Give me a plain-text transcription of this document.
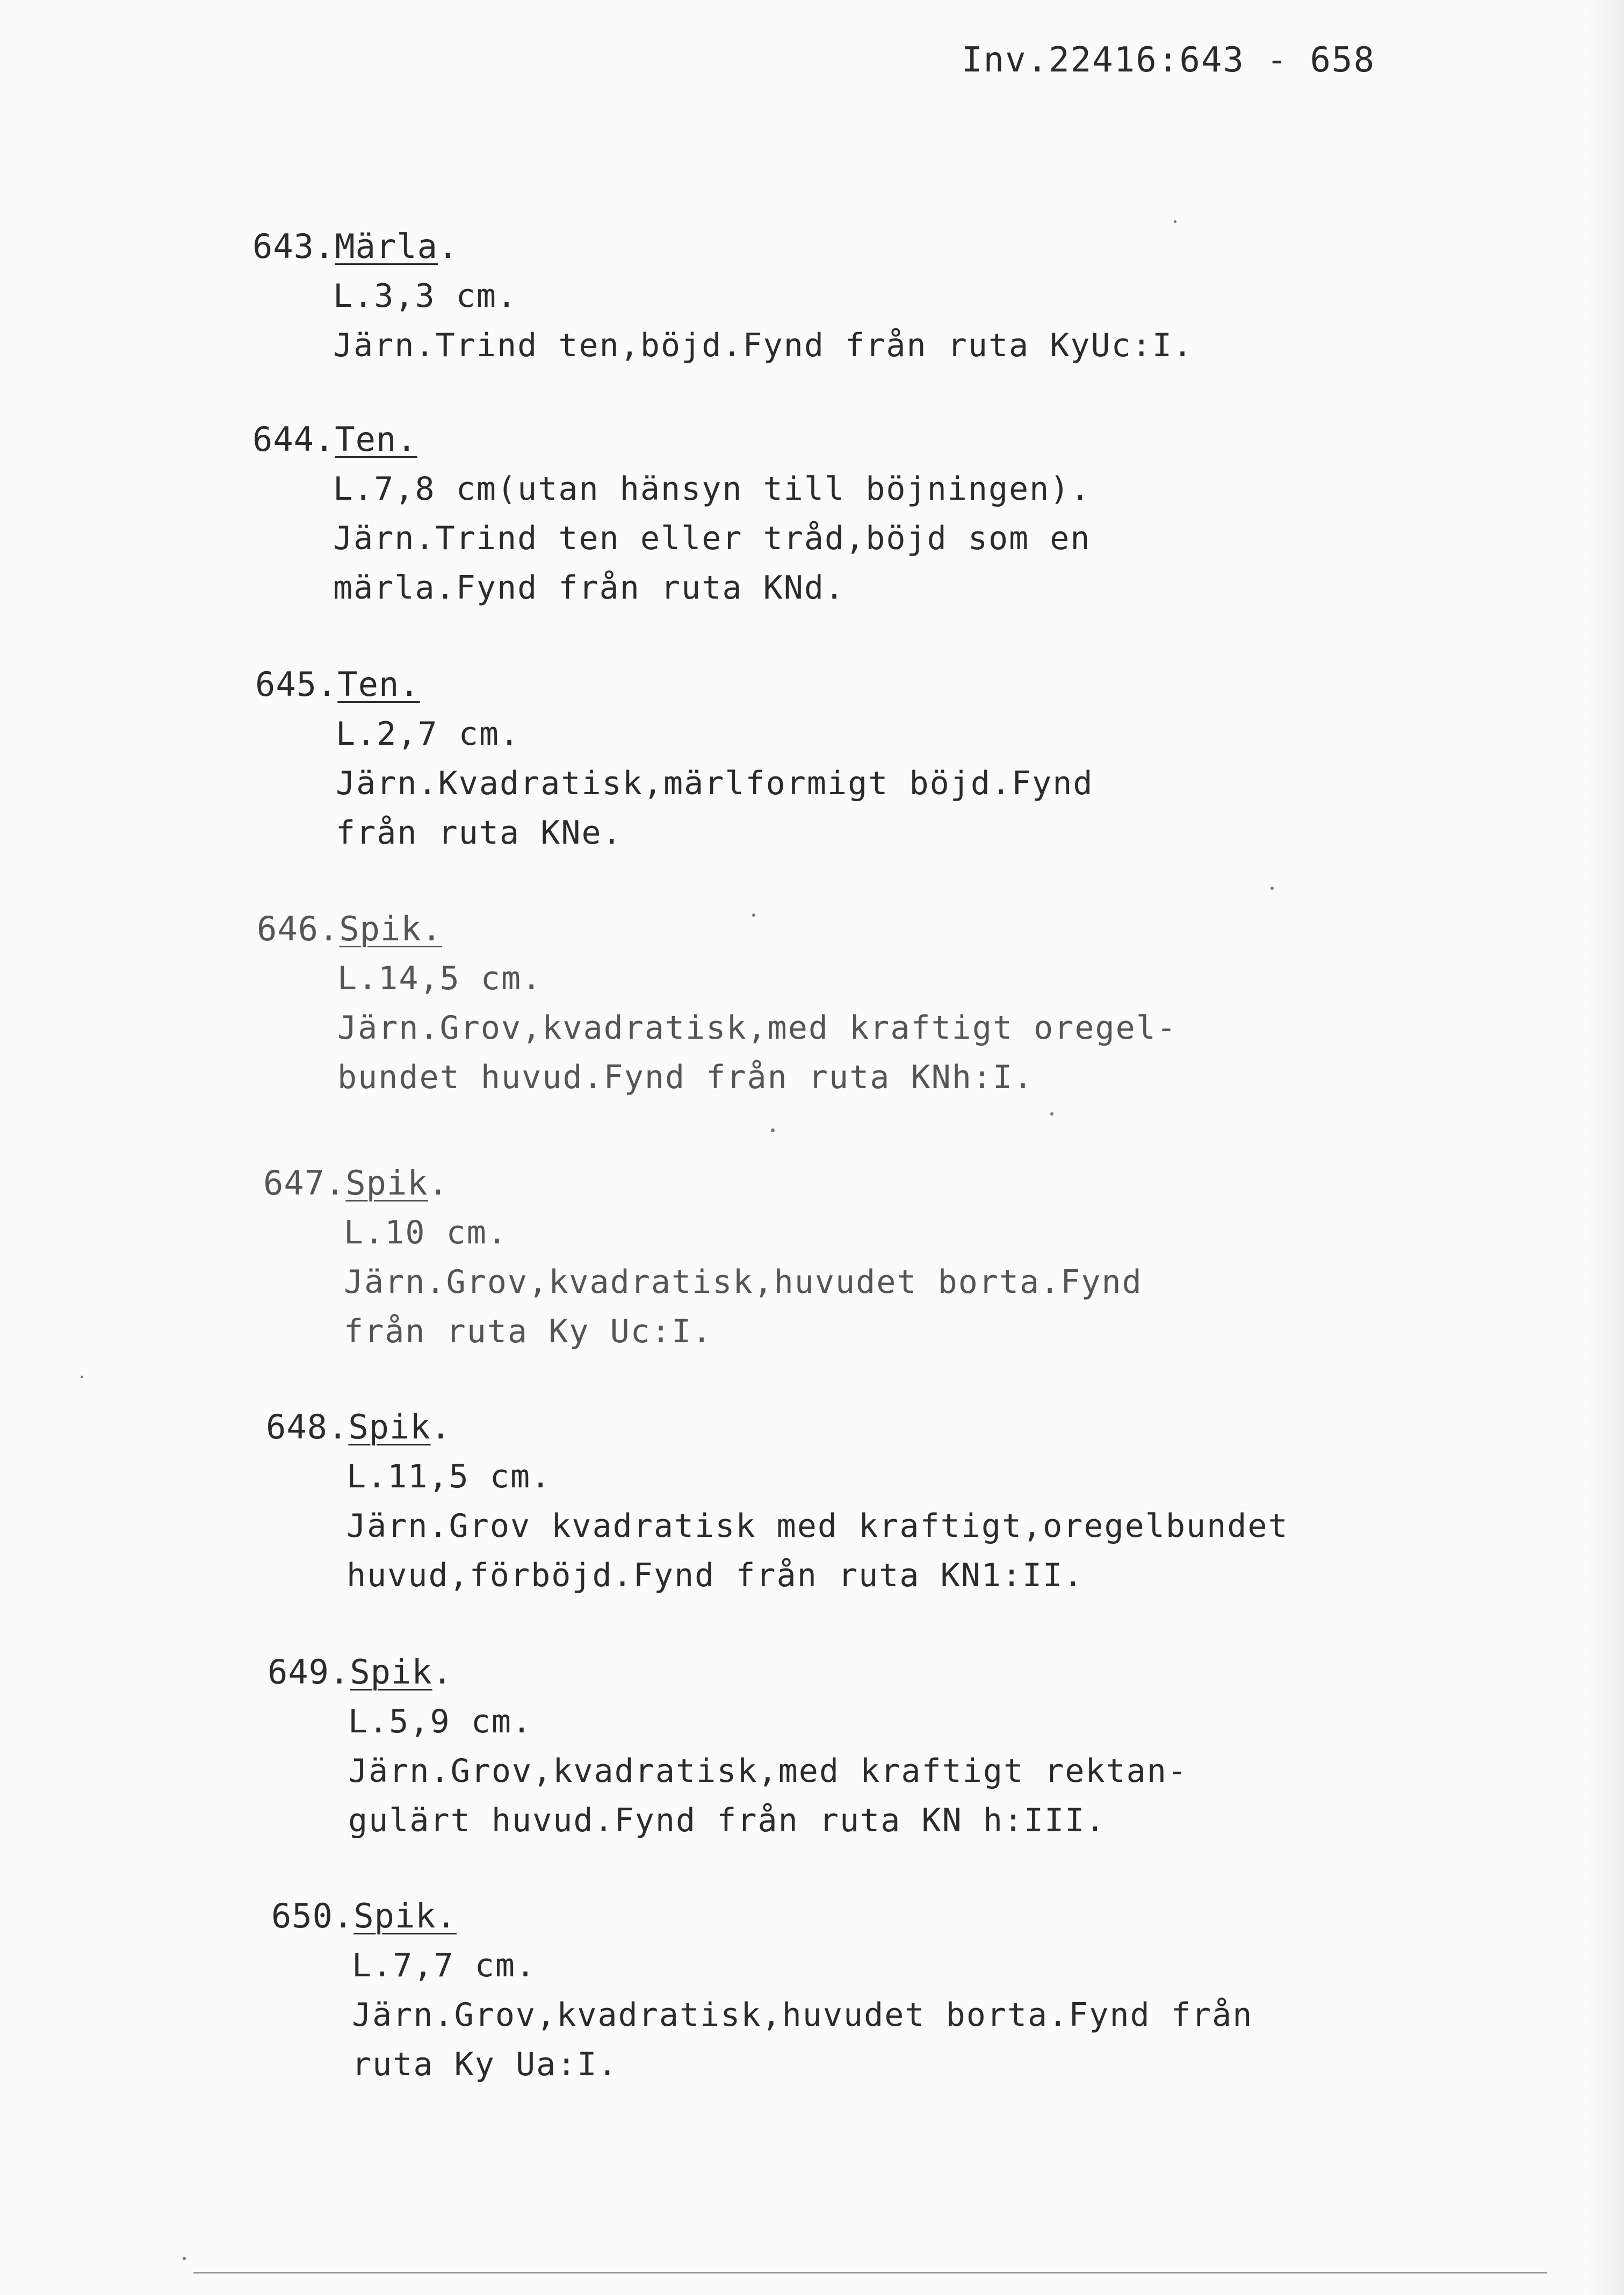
Inv.22416:643 - 658
643.Märla.
L.3,3 cm.
Järn.Trind ten,böjd.Fynd från ruta KyUc:I.
644.Ten.
L.7,8 cm(utan hänsyn till böjningen).
Järn.Trind ten eller tråd,böjd som en
märla.Fynd från ruta KNd.
645.Ten.
L.2,7 cm.
Järn.Kvadratisk,märlformigt böjd.Fynd
från ruta KNe.
646.Spik.
L.14,5 cm.
Järn.Grov,kvadratisk,med kraftigt oregel-
bundet huvud.Fynd från ruta KNh:I.
647.Spik.
L.10 cm.
Järn.Grov,kvadratisk,huvudet borta.Fynd
från ruta Ky Uc:I.
648.Spik.
L.11,5 cm.
Järn.Grov kvadratisk med kraftigt,oregelbundet
huvud,förböjd.Fynd från ruta KN1:II.
649.Spik.
L.5,9 cm.
Järn.Grov,kvadratisk,med kraftigt rektan-
gulärt huvud.Fynd från ruta KN h:III.
650.Spik.
L.7,7 cm.
Järn.Grov,kvadratisk,huvudet borta.Fynd från
ruta Ky Ua:I.
